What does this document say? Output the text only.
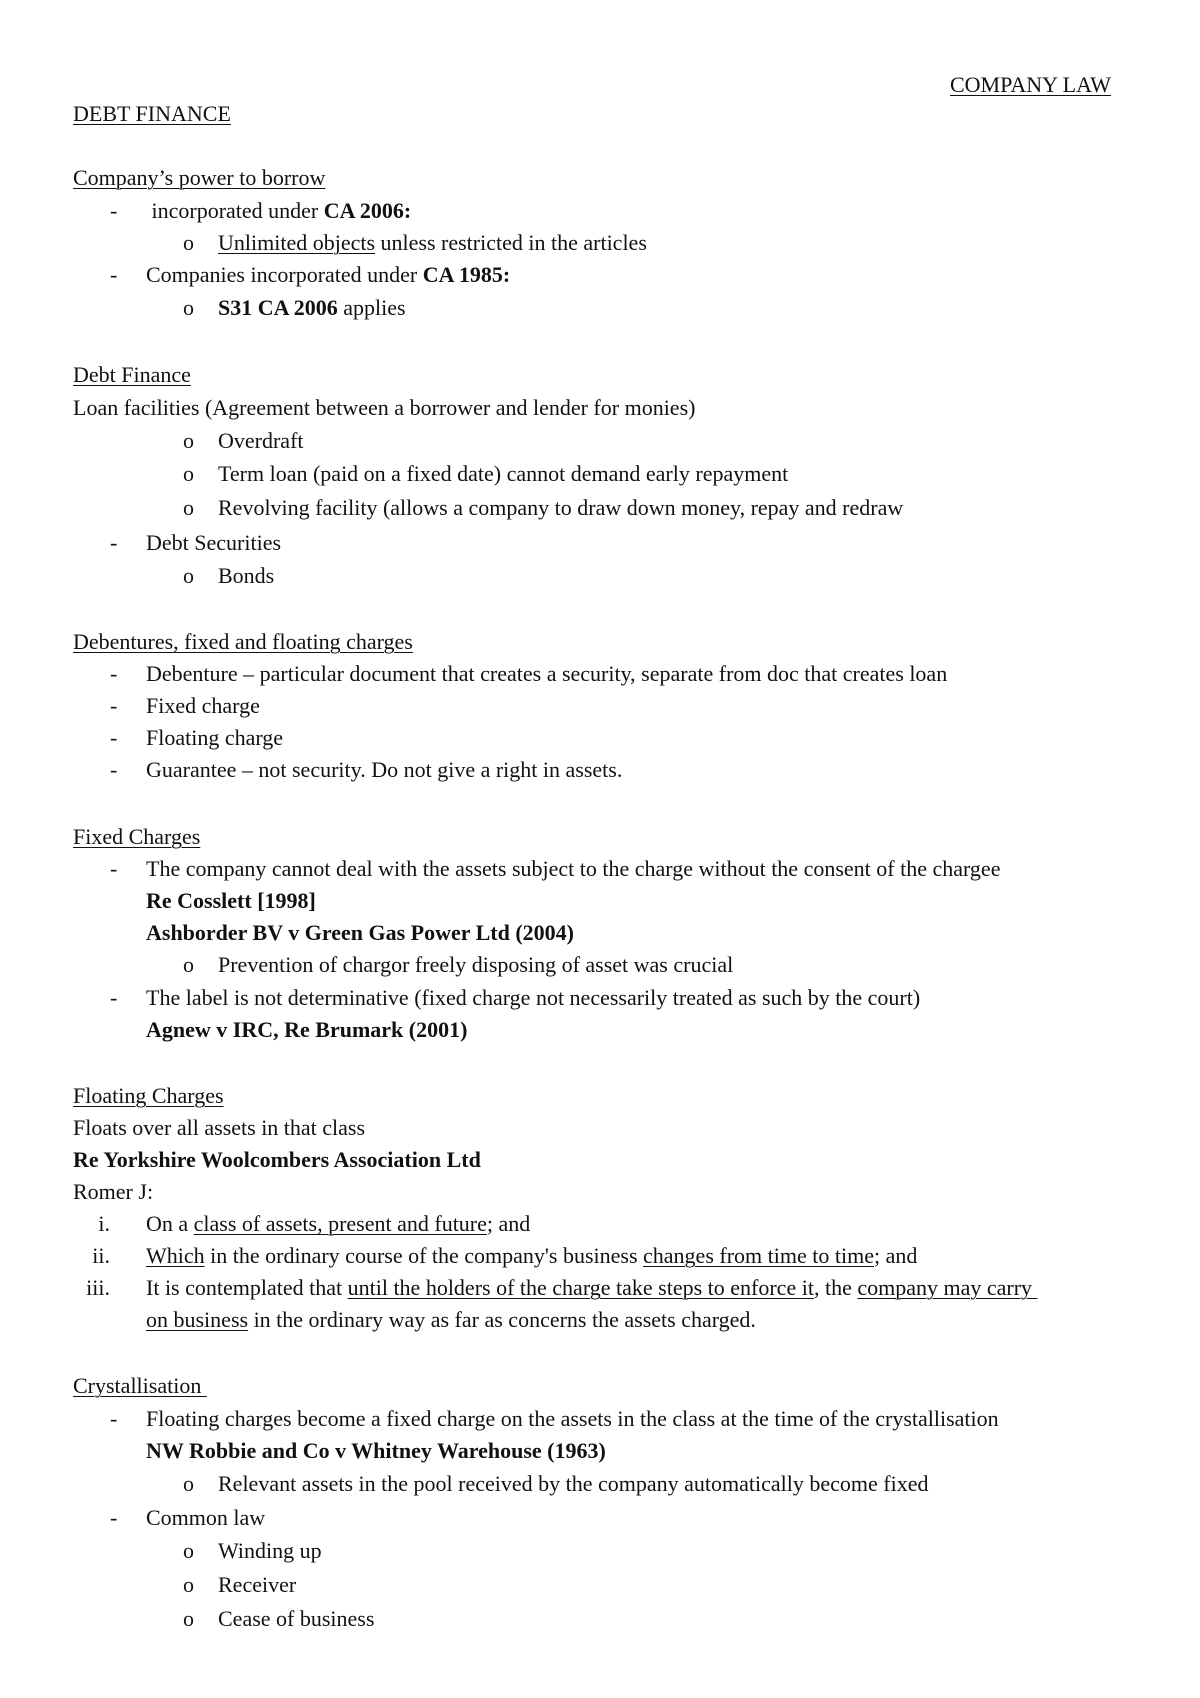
COMPANY LAW
DEBT FINANCE
Company’s power to borrow
-	incorporated under CA 2006:
o Unlimited objects unless restricted in the articles
-	Companies incorporated under CA 1985:
o S31 CA 2006 applies
Debt Finance
Loan facilities (Agreement between a borrower and lender for monies)
o Overdraft
o Term loan (paid on a fixed date) cannot demand early repayment
o Revolving facility (allows a company to draw down money, repay and redraw
-	Debt Securities
o Bonds
Debentures, fixed and floating charges
-	Debenture – particular document that creates a security, separate from doc that creates loan
-	Fixed charge
-	Floating charge
-	Guarantee – not security. Do not give a right in assets.
Fixed Charges
-	The company cannot deal with the assets subject to the charge without the consent of the chargee
Re Cosslett [1998]
Ashborder BV v Green Gas Power Ltd (2004)
o Prevention of chargor freely disposing of asset was crucial
-	The label is not determinative (fixed charge not necessarily treated as such by the court)
Agnew v IRC, Re Brumark (2001)
Floating Charges
Floats over all assets in that class
Re Yorkshire Woolcombers Association Ltd
Romer J:
i. On a class of assets, present and future; and
ii. Which in the ordinary course of the company's business changes from time to time; and
iii. It is contemplated that until the holders of the charge take steps to enforce it, the company may carry
on business in the ordinary way as far as concerns the assets charged.
Crystallisation
-	Floating charges become a fixed charge on the assets in the class at the time of the crystallisation
NW Robbie and Co v Whitney Warehouse (1963)
o Relevant assets in the pool received by the company automatically become fixed
-	Common law
o Winding up
o Receiver
o Cease of business
